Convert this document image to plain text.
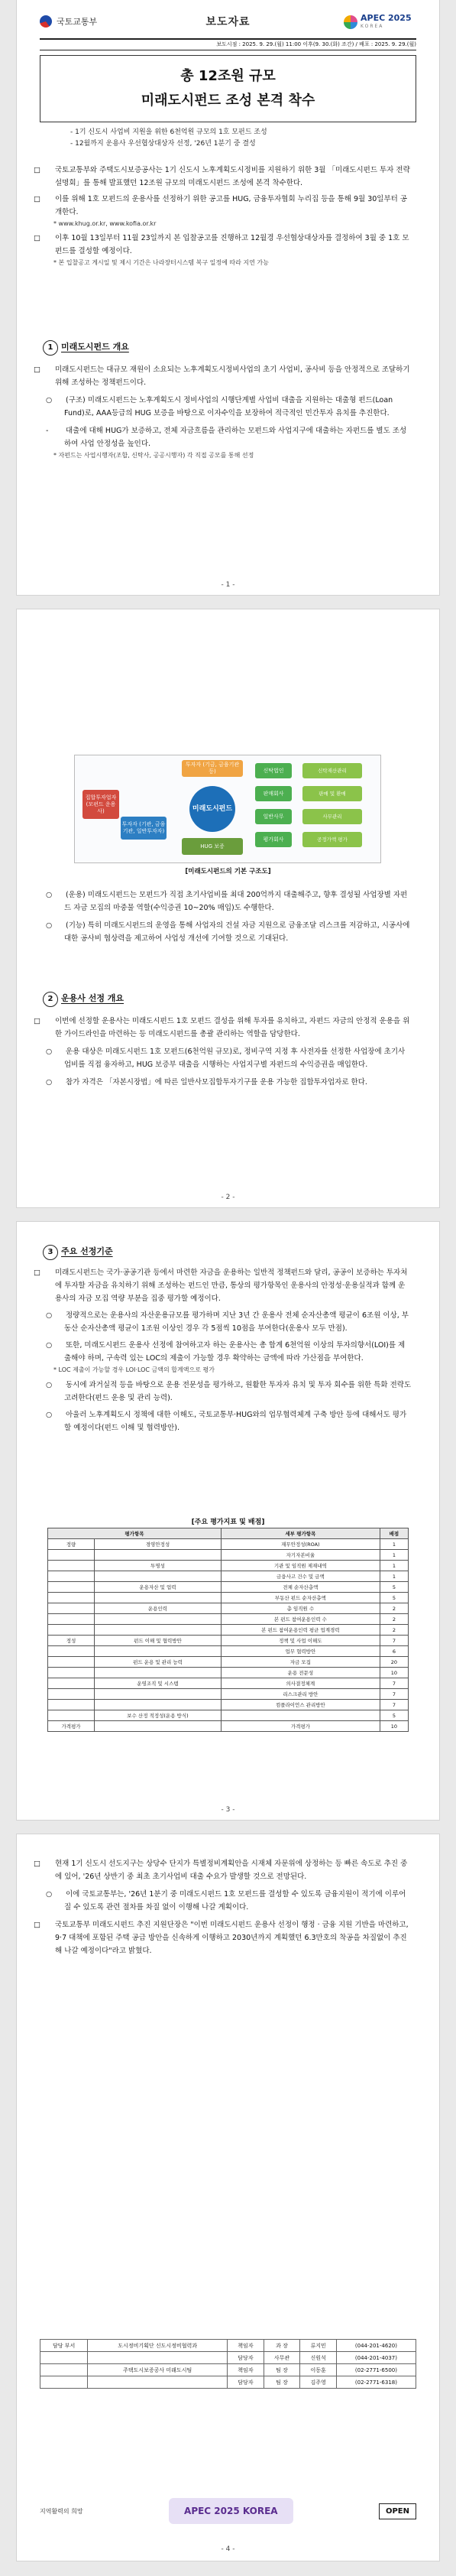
국토교통부	보도자료	APEC 2025
KOREA
보도시점 : 2025. 9. 29.(월) 11:00 이후(9. 30.(화) 조간) / 배포 : 2025. 9. 29.(월)
총 12조원 규모
미래도시펀드 조성 본격 착수
- 1기 신도시 사업비 지원을 위한 6천억원 규모의 1호 모펀드 조성
- 12월까지 운용사 우선협상대상자 선정, '26년 1분기 중 결성
□ 국토교통부와 주택도시보증공사는 1기 신도시 노후계획도시정비를 지원하기 위한 3월 「미래도시펀드 투자 전략 설명회」를 통해 발표했던 12조원 규모의 미래도시펀드 조성에 본격 착수한다.
□ 이를 위해 1호 모펀드의 운용사를 선정하기 위한 공고를 HUG, 금융투자협회 누리집 등을 통해 9월 30일부터 공개한다.
* www.khug.or.kr, www.kofia.or.kr
□ 이후 10월 13일부터 11월 23일까지 본 입찰공고를 진행하고 12월경 우선협상대상자를 결정하여 3월 중 1호 모펀드를 결성할 예정이다.
* 본 입찰공고 게시일 및 제시 기간은 나라장터시스템 복구 일정에 따라 지연 가능
1 미래도시펀드 개요
□ 미래도시펀드는 대규모 재원이 소요되는 노후계획도시정비사업의 초기 사업비, 공사비 등을 안정적으로 조달하기 위해 조성하는 정책펀드이다.
○ (구조) 미래도시펀드는 노후계획도시 정비사업의 시행단계별 사업비 대출을 지원하는 대출형 펀드(Loan Fund)로, AAA등급의 HUG 보증을 바탕으로 이자수익을 보장하여 적극적인 민간투자 유치를 추진한다.
- 대출에 대해 HUG가 보증하고, 전체 자금흐름을 관리하는 모펀드와 사업지구에 대출하는 자펀드를 별도 조성하여 사업 안정성을 높인다.
* 자펀드는 사업시행자(조합, 신탁사, 공공시행자) 각 직접 공모를 통해 선정
- 1 -
투자자 (기금, 금융기관 등)
집합투자업자 (모펀드 운용사)
투자자 (기관, 금융기관, 일반투자자)
미래도시펀드
HUG 보증
신탁법인	신탁재산관리
판매회사	판매 및 환매
일반사무	사무관리
평가회사	공정가액 평가
[미래도시펀드의 기본 구조도]
○ (운용) 미래도시펀드는 모펀드가 직접 초기사업비를 최대 200억까지 대출해주고, 향후 결성될 사업장별 자펀드 자금 모집의 마중물 역할(수익증권 10~20% 매입)도 수행한다.
○ (기능) 특히 미래도시펀드의 운영을 통해 사업자의 건설 자금 지원으로 금융조달 리스크를 저감하고, 시공사에 대한 공사비 협상력을 제고하여 사업성 개선에 기여할 것으로 기대된다.
2 운용사 선정 개요
□ 이번에 선정할 운용사는 미래도시펀드 1호 모펀드 결성을 위해 투자를 유치하고, 자펀드 자금의 안정적 운용을 위한 가이드라인을 마련하는 등 미래도시펀드를 총괄 관리하는 역할을 담당한다.
○ 운용 대상은 미래도시펀드 1호 모펀드(6천억원 규모)로, 정비구역 지정 후 사전자를 선정한 사업장에 초기사업비를 직접 융자하고, HUG 보증부 대출을 시행하는 사업지구별 자펀드의 수익증권을 매입한다.
○ 참가 자격은 「자본시장법」에 따른 일반사모집합투자기구를 운용 가능한 집합투자업자로 한다.
- 2 -
3 주요 선정기준
□ 미래도시펀드는 국가·공공기관 등에서 마련한 자금을 운용하는 일반적 정책펀드와 달리, 공공이 보증하는 투자처에 투자할 자금을 유치하기 위해 조성하는 펀드인 만큼, 통상의 평가항목인 운용사의 안정성·운용실적과 함께 운용사의 자금 모집 역량 부분을 집중 평가할 예정이다.
○ 정량적으로는 운용사의 자산운용규모를 평가하며 지난 3년 간 운용사 전체 순자산총액 평균이 6조원 이상, 부동산 순자산총액 평균이 1조원 이상인 경우 각 5점씩 10점을 부여한다(운용사 모두 만점).
○ 또한, 미래도시펀드 운용사 선정에 참여하고자 하는 운용사는 총 합계 6천억원 이상의 투자의향서(LOI)를 제출해야 하며, 구속력 있는 LOC의 제출이 가능할 경우 확약하는 금액에 따라 가산점을 부여한다.
* LOC 제출이 가능할 경우 LOI·LOC 금액의 합계액으로 평가
○ 동시에 과거실적 등을 바탕으로 운용 전문성을 평가하고, 원활한 투자자 유치 및 투자 회수를 위한 특화 전략도 고려한다(펀드 운용 및 관리 능력).
○ 아울러 노후계획도시 정책에 대한 이해도, 국토교통부·HUG와의 업무협력체계 구축 방안 등에 대해서도 평가할 예정이다(펀드 이해 및 협력방안).
[주요 평가지표 및 배점]
평가항목		세부 평가항목	배점
정량	경영안정성	재무안정성(ROA)	1
		자기자본비율	1
	투명성	기관 및 임직원 제재내역	1
		금융사고 건수 및 금액	1
	운용자산 및 업력	전체 순자산총액	5
		부동산 펀드 순자산총액	5
	운용인력	총 임직원 수	2
		본 펀드 참여운용인력 수	2
		본 펀드 참여운용인력 평균 업계경력	2
정성	펀드 이해 및 협력방안	정책 및 사업 이해도	7
		업무 협력방안	6
	펀드 운용 및 관리 능력	자금 모집	20
		운용 전문성	10
	운영조직 및 시스템	의사결정체계	7
		리스크관리 방안	7
		컴플라이언스 관리방안	7
	보수 산정 적정성(운용 방식)		5
가격평가		가격평가	10
- 3 -
□ 현재 1기 신도시 선도지구는 상당수 단지가 특별정비계획안을 시재체 자문위에 상정하는 등 빠른 속도로 추진 중에 있어, '26년 상반기 중 최초 초기사업비 대출 수요가 발생할 것으로 전망된다.
○ 이에 국토교통부는, '26년 1분기 중 미래도시펀드 1호 모펀드를 결성할 수 있도록 금융지원이 적기에 이루어질 수 있도록 관련 절차를 차질 없이 이행해 나갈 계획이다.
□ 국토교통부 미래도시펀드 추진 지원단장은 "이번 미래도시펀드 운용사 선정이 행정 · 금융 지원 기반을 마련하고, 9·7 대책에 포함된 주택 공급 방안을 신속하게 이행하고 2030년까지 계획했던 6.3만호의 착공을 차질없이 추진해 나갈 예정이다"라고 밝혔다.
담당 부서	도시정비기획단 신도시정비협력과	책임자	과 장	류지민	(044-201-4620)
		담당자	사무관	신원석	(044-201-4037)
	주택도시보증공사 미래도시팀	책임자	팀 장	이동훈	(02-2771-6500)
		담당자	팀 장	김주영	(02-2771-6318)
지역활력의 희망	APEC 2025 KOREA	OPEN
- 4 -
